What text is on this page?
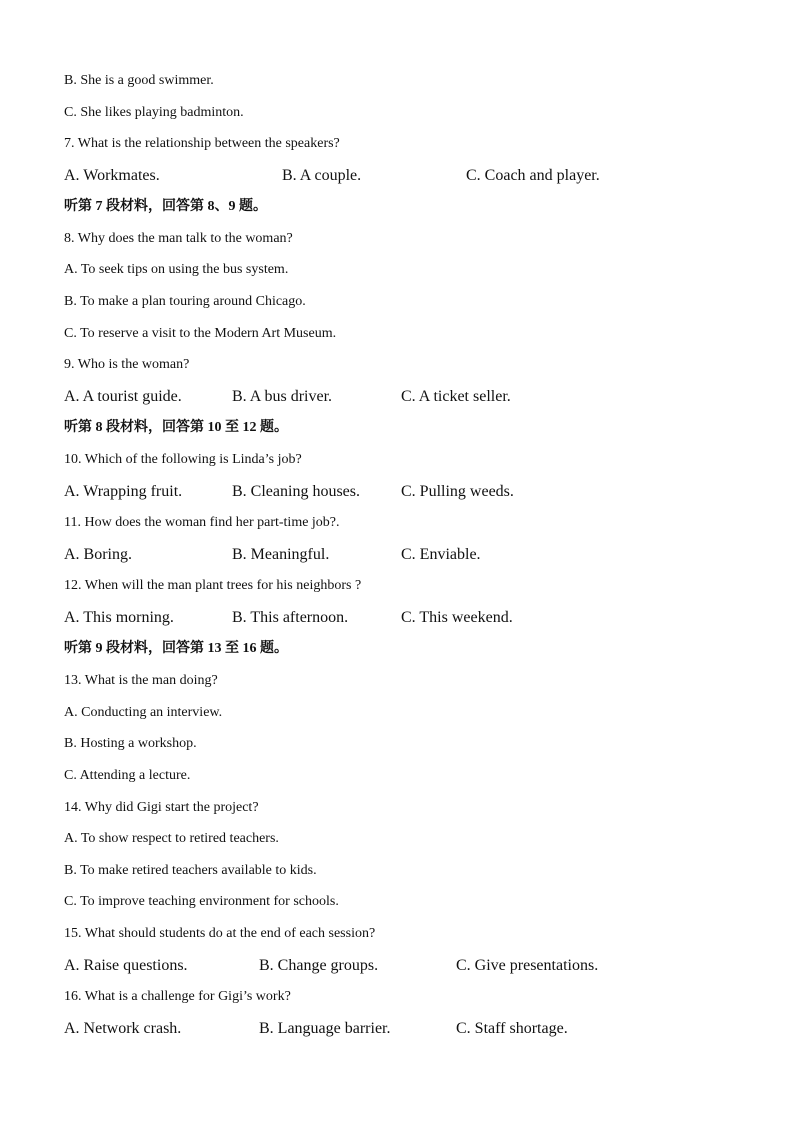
B. She is a good swimmer.
C. She likes playing badminton.
7. What is the relationship between the speakers?
A. Workmates.	B. A couple.	C. Coach and player.
听第 7 段材料，回答第 8、9 题。
8. Why does the man talk to the woman?
A. To seek tips on using the bus system.
B. To make a plan touring around Chicago.
C. To reserve a visit to the Modern Art Museum.
9. Who is the woman?
A. A tourist guide.	B. A bus driver.	C. A ticket seller.
听第 8 段材料，回答第 10 至 12 题。
10. Which of the following is Linda’s job?
A. Wrapping fruit.	B. Cleaning houses.	C. Pulling weeds.
11. How does the woman find her part-time job?.
A. Boring.	B. Meaningful.	C. Enviable.
12. When will the man plant trees for his neighbors ?
A. This morning.	B. This afternoon.	C. This weekend.
听第 9 段材料，回答第 13 至 16 题。
13. What is the man doing?
A. Conducting an interview.
B. Hosting a workshop.
C. Attending a lecture.
14. Why did Gigi start the project?
A. To show respect to retired teachers.
B. To make retired teachers available to kids.
C. To improve teaching environment for schools.
15. What should students do at the end of each session?
A. Raise questions.	B. Change groups.	C. Give presentations.
16. What is a challenge for Gigi’s work?
A. Network crash.	B. Language barrier.	C. Staff shortage.
